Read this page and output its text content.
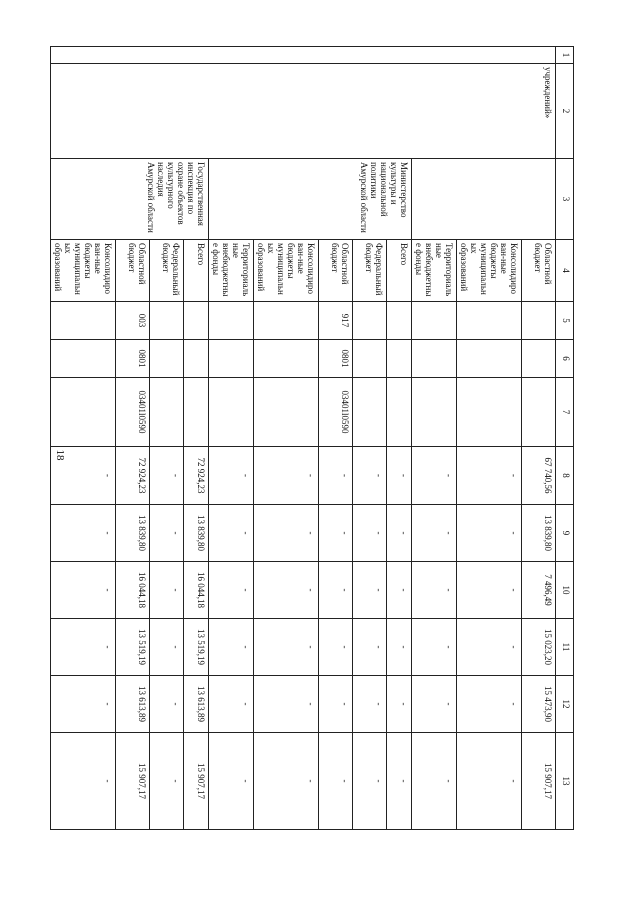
18
1	2	3	4	5	6	7	8	9	10	11	12	13
	учреждений»		Областной бюджет				67 740,56	13 839,80	7 496,49	15 023,20	15 473,90	15 907,17
			Консолидирован-ные бюджеты муниципальных образований				-	-	-	-	-	-
			Территориальные внебюджетные фонды				-	-	-	-	-	-
		Министерство культуры и национальной политики Амурской области	Всего				-	-	-	-	-	-
			Федеральный бюджет				-	-	-	-	-	-
			Областной бюджет	917	0801	03401l0590	-	-	-	-	-	-
			Консолидирован-ные бюджеты муниципальных образований				-	-	-	-	-	-
			Территориальные внебюджетные фонды				-	-	-	-	-	-
		Государственная инспекция по охране объектов культурного наследия Амурской области	Всего				72 924,23	13 839,80	16 044,18	13 519,19	13 613,89	15 907,17
			Федеральный бюджет				-	-	-	-	-	-
			Областной бюджет	003	0801	03401l0590	72 924,23	13 839,80	16 044,18	13 519,19	13 613,89	15 907,17
			Консолидирован-ные бюджеты муниципальных образований				-	-	-	-	-	-
